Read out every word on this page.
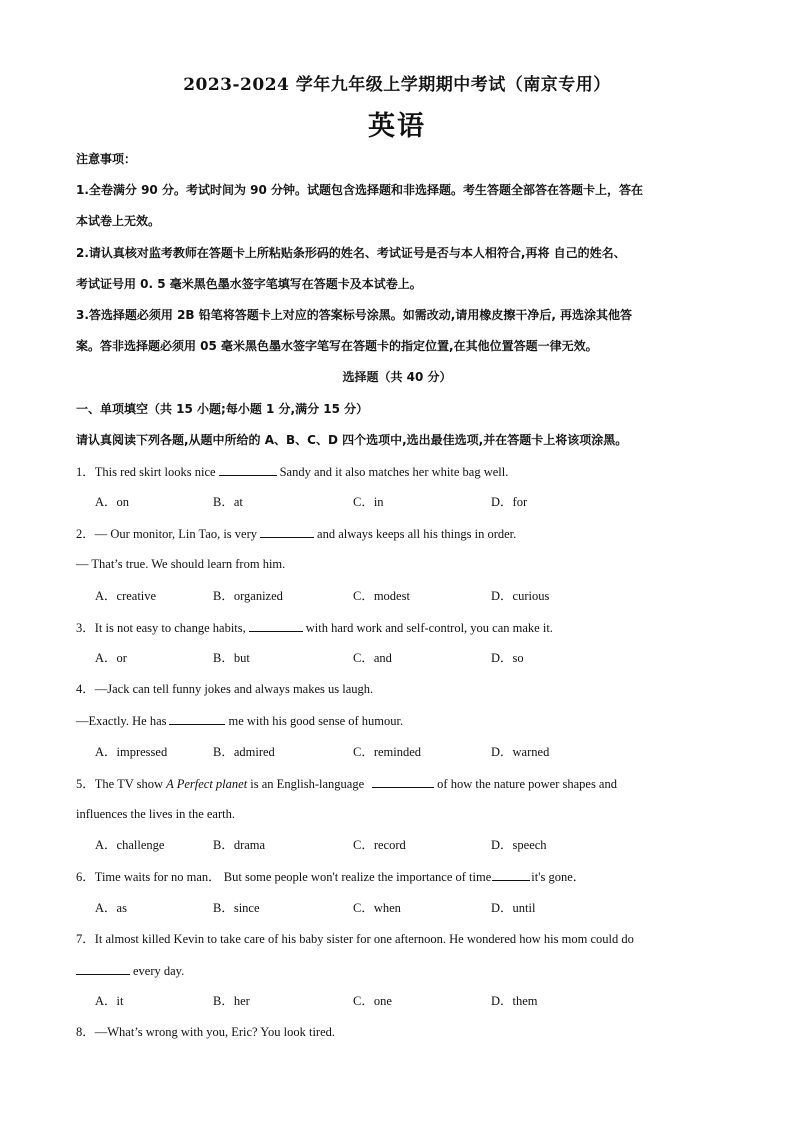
2023-2024 学年九年级上学期期中考试（南京专用）
英语
注意事项：
1.全卷满分 90 分。考试时间为 90 分钟。试题包含选择题和非选择题。考生答题全部答在答题卡上，答在
本试卷上无效。
2.请认真核对监考教师在答题卡上所粘贴条形码的姓名、考试证号是否与本人相符合,再将 自己的姓名、
考试证号用 0. 5 毫米黑色墨水签字笔填写在答题卡及本试卷上。
3.答选择题必须用 2B 铅笔将答题卡上对应的答案标号涂黑。如需改动,请用橡皮擦干净后, 再选涂其他答
案。答非选择题必须用 05 毫米黑色墨水签字笔写在答题卡的指定位置,在其他位置答题一律无效。
选择题（共 40 分）
一、单项填空（共 15 小题;每小题 1 分,满分 15 分）
请认真阅读下列各题,从题中所给的 A、B、C、D 四个选项中,选出最佳选项,并在答题卡上将该项涂黑。
1．This red skirt looks nice	Sandy and it also matches her white bag well.
A．on	B．at	C．in	D．for
2．— Our monitor, Lin Tao, is very	and always keeps all his things in order.
— That’s true. We should learn from him.
A．creative	B．organized	C．modest	D．curious
3．It is not easy to change habits,	with hard work and self-control, you can make it.
A．or	B．but	C．and	D．so
4．—Jack can tell funny jokes and always makes us laugh.
—Exactly. He has	me with his good sense of humour.
A．impressed	B．admired	C．reminded	D．warned
5．The TV show A Perfect planet is an English-language	of how the nature power shapes and
influences the lives in the earth.
A．challenge	B．drama	C．record	D．speech
6．Time waits for no man． But some people won't realize the importance of time	it's gone．
A．as	B．since	C．when	D．until
7．It almost killed Kevin to take care of his baby sister for one afternoon. He wondered how his mom could do
every day.
A．it	B．her	C．one	D．them
8．—What’s wrong with you, Eric? You look tired.
